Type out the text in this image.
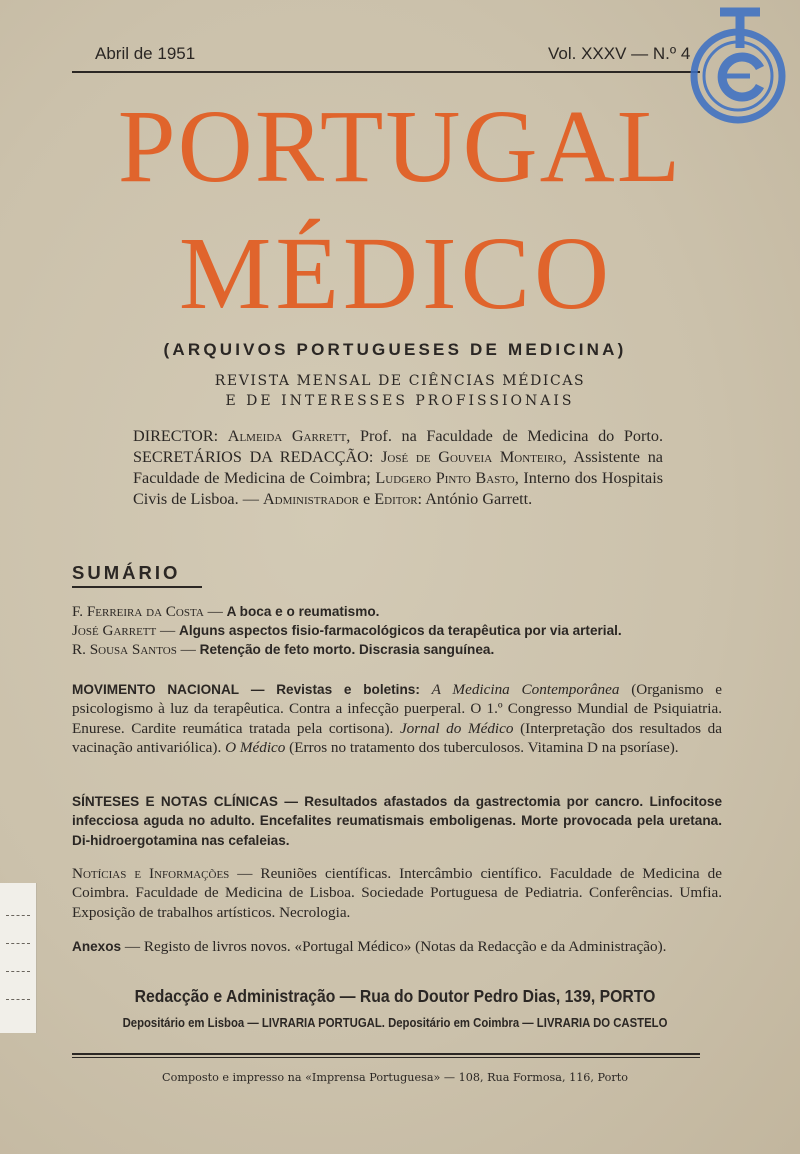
Abril de 1951	Vol. XXXV — N.º 4
PORTUGAL
MÉDICO
(ARQUIVOS PORTUGUESES DE MEDICINA)
REVISTA MENSAL DE CIÊNCIAS MÉDICAS
E DE INTERESSES PROFISSIONAIS
DIRECTOR: Almeida Garrett, Prof. na Faculdade de Medicina do Porto. SECRETÁRIOS DA REDACÇÃO: José de Gouveia Monteiro, Assistente na Faculdade de Medicina de Coimbra; Ludgero Pinto Basto, Interno dos Hospitais Civis de Lisboa. — Administrador e Editor: António Garrett.
SUMÁRIO
F. Ferreira da Costa — A boca e o reumatismo.
José Garrett — Alguns aspectos fisio-farmacológicos da terapêutica por via arterial.
R. Sousa Santos — Retenção de feto morto. Discrasia sanguínea.
MOVIMENTO NACIONAL — Revistas e boletins: A Medicina Contemporânea (Organismo e psicologismo à luz da terapêutica. Contra a infecção puerperal. O 1.º Congresso Mundial de Psiquiatria. Enurese. Cardite reumática tratada pela cortisona). Jornal do Médico (Interpretação dos resultados da vacinação antivariólica). O Médico (Erros no tratamento dos tuberculosos. Vitamina D na psoríase).
SÍNTESES E NOTAS CLÍNICAS — Resultados afastados da gastrectomia por cancro. Linfocitose infecciosa aguda no adulto. Encefalites reumatismais emboligenas. Morte provocada pela uretana. Di-hidroergotamina nas cefaleias.
Notícias e Informações — Reuniões científicas. Intercâmbio científico. Faculdade de Medicina de Coimbra. Faculdade de Medicina de Lisboa. Sociedade Portuguesa de Pediatria. Conferências. Umfia. Exposição de trabalhos artísticos. Necrologia.
Anexos — Registo de livros novos. «Portugal Médico» (Notas da Redacção e da Administração).
Redacção e Administração — Rua do Doutor Pedro Dias, 139, PORTO
Depositário em Lisboa — LIVRARIA PORTUGAL. Depositário em Coimbra — LIVRARIA DO CASTELO
Composto e impresso na «Imprensa Portuguesa» — 108, Rua Formosa, 116, Porto
